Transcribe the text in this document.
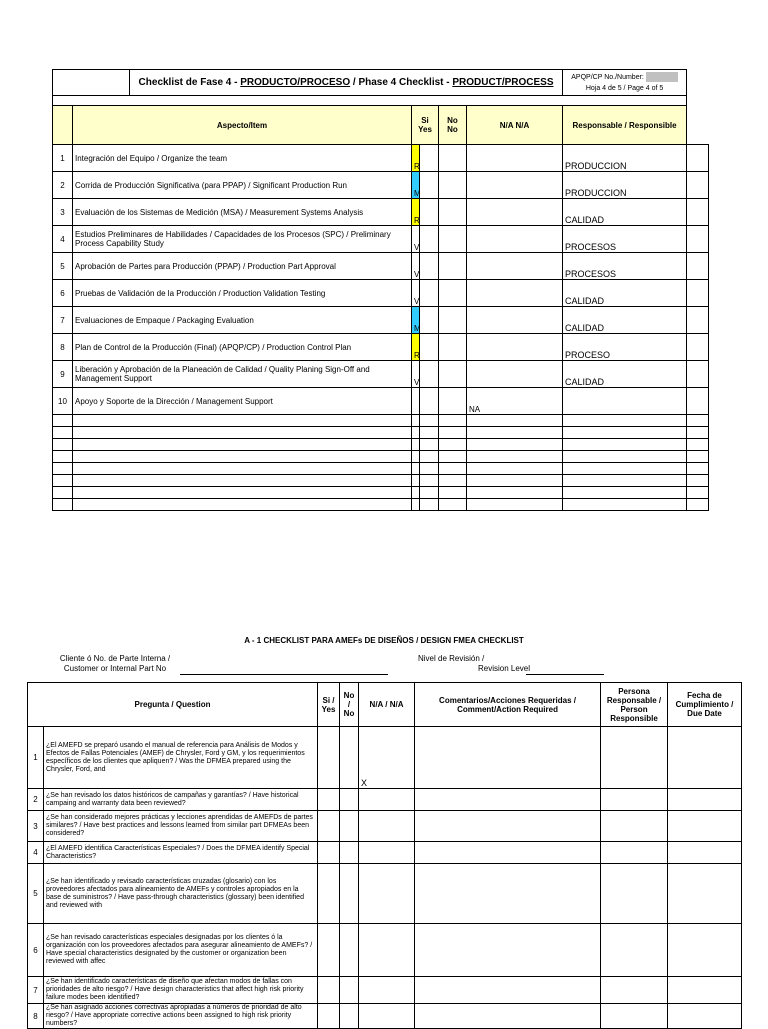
		Checklist de Fase 4 - PRODUCTO/PROCESO / Phase 4 Checklist - PRODUCT/PROCESS					APQP/CP No./Number:
Hoja 4 de 5 / Page 4 of 5	

	Aspecto/Item		Si Yes		No No	N/A N/A	Responsable / Responsible	
1	Integración del Equipo / Organize the team		R				PRODUCCION	
2	Corrida de Producción Significativa (para PPAP) / Significant Production Run		M				PRODUCCION	
3	Evaluación de los Sistemas de Medición (MSA) / Measurement Systems Analysis		R				CALIDAD	
4	Estudios Preliminares de Habilidades / Capacidades de los Procesos (SPC) / Preliminary Process Capability Study		V				PROCESOS	
5	Aprobación de Partes para Producción (PPAP) / Production Part Approval		V				PROCESOS	
6	Pruebas de Validación de la Producción / Production Validation Testing		V				CALIDAD	
7	Evaluaciones de Empaque / Packaging Evaluation		M				CALIDAD	
8	Plan de Control de la Producción (Final) (APQP/CP) / Production Control Plan		R				PROCESO	
9	Liberación y Aprobación de la Planeación de Calidad / Quality Planing Sign-Off and Management Support		V				CALIDAD	
10	Apoyo y Soporte de la Dirección / Management Support					NA		

A - 1 CHECKLIST PARA AMEFs DE DISEÑOS / DESIGN FMEA CHECKLIST
Cliente ó No. de Parte Interna /
Customer or Internal Part No
Nivel de Revisión /
Revision Level
Pregunta / Question		Si / Yes	No / No	N/A / N/A	Comentarios/Acciones Requeridas / Comment/Action Required	Persona Responsable / Person Responsible	Fecha de Cumplimiento / Due Date
1	¿El AMEFD se preparó usando el manual de referencia para Análisis de Modos y Efectos de Fallas Potenciales (AMEF) de Chrysler, Ford y GM, y los requerimientos específicos de los clientes que apliquen? / Was the DFMEA prepared using the Chrysler, Ford, and			X			
2	¿Se han revisado los datos históricos de campañas y garantías? / Have historical campaing and warranty data been reviewed?						
3	¿Se han considerado mejores prácticas y lecciones aprendidas de AMEFDs de partes similares? / Have best practices and lessons learned from similar part DFMEAs been considered?						
4	¿El AMEFD identifica Características Especiales? / Does the DFMEA identify Special Characteristics?						
5	¿Se han identificado y revisado características cruzadas (glosario) con los proveedores afectados para alineamiento de AMEFs y controles apropiados en la base de suministros? / Have pass-through characteristics (glossary) been identified and reviewed with						
6	¿Se han revisado características especiales designadas por los clientes ó la organización con los proveedores afectados para asegurar alineamiento de AMEFs? / Have special characteristics designated by the customer or organization been reviewed with affec						
7	¿Se han identificado características de diseño que afectan modos de fallas con prioridades de alto riesgo? / Have design characteristics that affect high risk priority failure modes been identified?						
8	¿Se han asignado acciones correctivas apropiadas a números de prioridad de alto riesgo? / Have appropriate corrective actions been assigned to high risk priority numbers?						
